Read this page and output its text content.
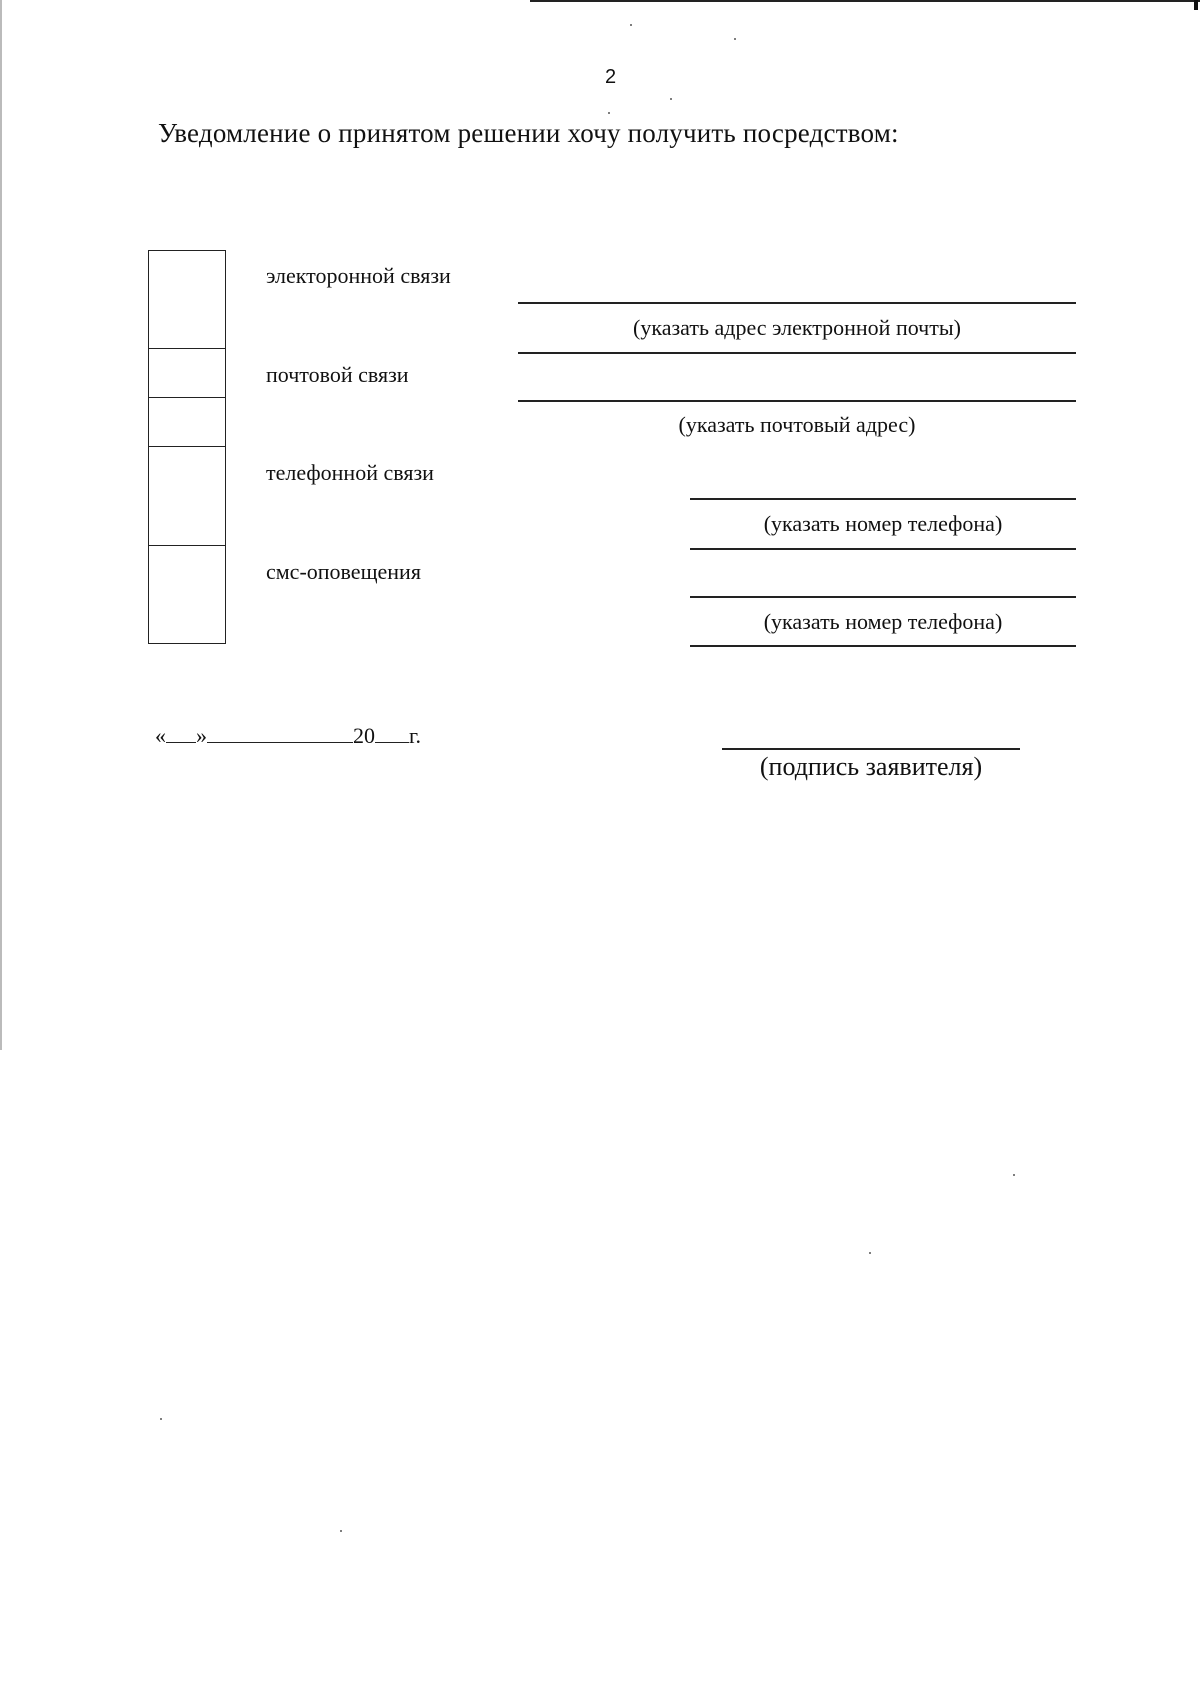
2
Уведомление о принятом решении хочу получить посредством:
электоронной связи
почтовой связи
телефонной связи
смс-оповещения
(указать адрес электронной почты)
(указать почтовый адрес)
(указать номер телефона)
(указать номер телефона)
« »	20 г.
(подпись заявителя)
